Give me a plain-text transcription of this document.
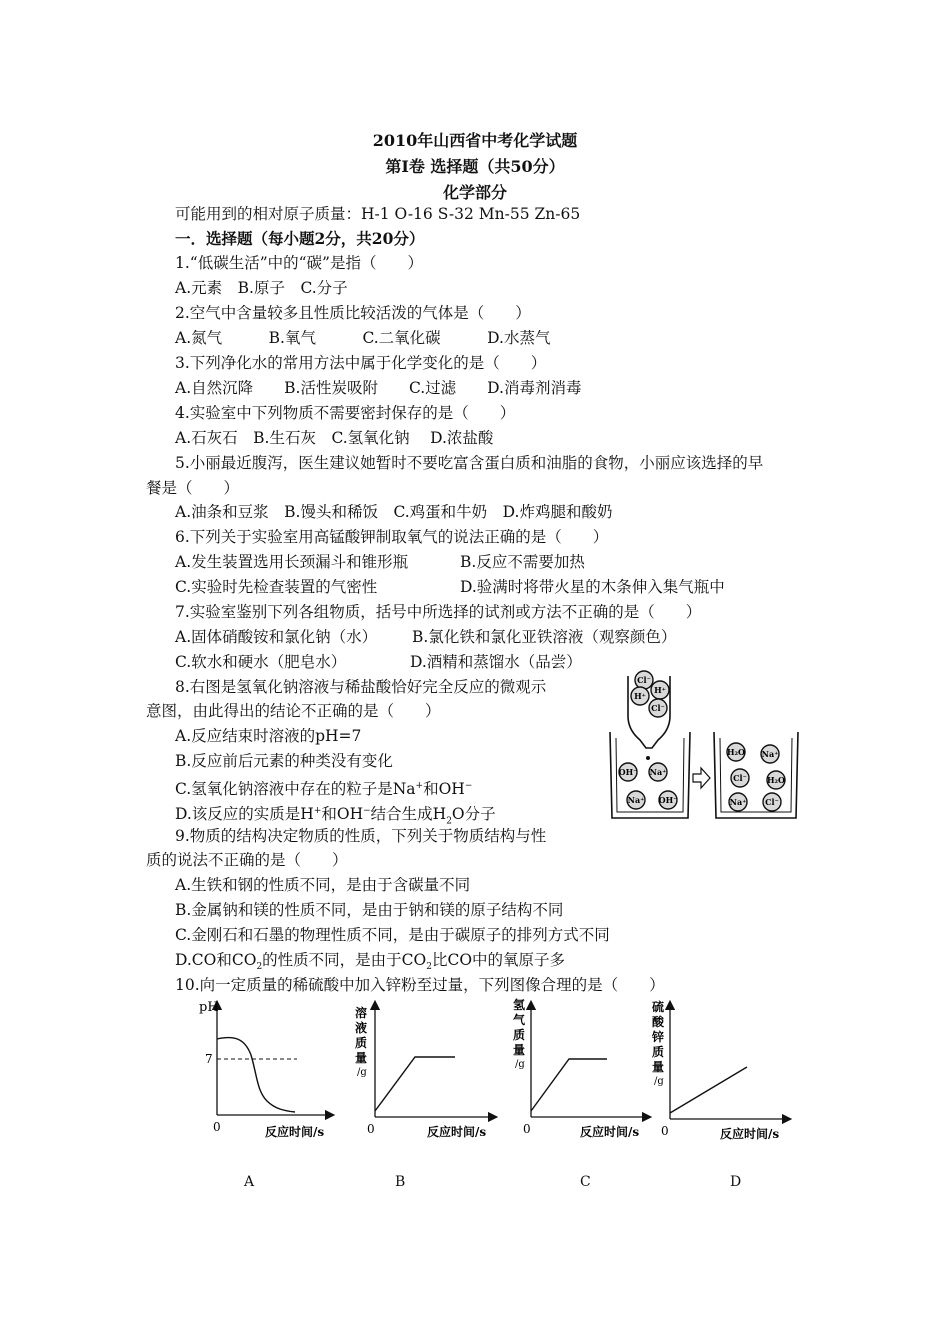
2010年山西省中考化学试题
第Ⅰ卷 选择题（共50分）
化学部分
可能用到的相对原子质量：H-1 O-16 S-32 Mn-55 Zn-65
一．选择题（每小题2分，共20分）
1.“低碳生活”中的“碳”是指（　　）
A.元素　B.原子　C.分子
2.空气中含量较多且性质比较活泼的气体是（　　）
A.氮气　　　B.氧气　　　C.二氧化碳　　　D.水蒸气
3.下列净化水的常用方法中属于化学变化的是（　　）
A.自然沉降　　B.活性炭吸附　　C.过滤　　D.消毒剂消毒
4.实验室中下列物质不需要密封保存的是（　　）
A.石灰石　B.生石灰　C.氢氧化钠　 D.浓盐酸
5.小丽最近腹泻，医生建议她暂时不要吃富含蛋白质和油脂的食物，小丽应该选择的早
餐是（　　）
A.油条和豆浆　B.馒头和稀饭　C.鸡蛋和牛奶　D.炸鸡腿和酸奶
6.下列关于实验室用高锰酸钾制取氧气的说法正确的是（　　）
A.发生装置选用长颈漏斗和锥形瓶	B.反应不需要加热
C.实验时先检查装置的气密性	D.验满时将带火星的木条伸入集气瓶中
7.实验室鉴别下列各组物质，括号中所选择的试剂或方法不正确的是（　　）
A.固体硝酸铵和氯化钠（水） B.氯化铁和氯化亚铁溶液（观察颜色）
C.软水和硬水（肥皂水）	D.酒精和蒸馏水（品尝）
8.右图是氢氧化钠溶液与稀盐酸恰好完全反应的微观示
意图，由此得出的结论不正确的是（　　）
A.反应结束时溶液的pH=7
B.反应前后元素的种类没有变化
C.氢氧化钠溶液中存在的粒子是Na+和OH−
D.该反应的实质是H+和OH−结合生成$H_2O$分子
9.物质的结构决定物质的性质，下列关于物质结构与性
质的说法不正确的是（　　）
A.生铁和钢的性质不同，是由于含碳量不同
B.金属钠和镁的性质不同，是由于钠和镁的原子结构不同
C.金刚石和石墨的物理性质不同，是由于碳原子的排列方式不同
D.CO和$CO_2$的性质不同，是由于$CO_2$比CO中的氧原子多
10.向一定质量的稀硫酸中加入锌粉至过量，下列图像合理的是（　　）
Cl⁻
H⁺
H⁺
Cl⁻
OH⁻ Na⁺
Na⁺ OH⁻
H₂O Na⁺
Cl⁻	H₂O
Na⁺ Cl⁻
pH
7
0	反应时间/s
溶
液
质
量
/g
0	反应时间/s
氢
气
质
量
/g
0	反应时间/s
硫
酸
锌
质
量
/g
0	反应时间/s
A	B	C	D
